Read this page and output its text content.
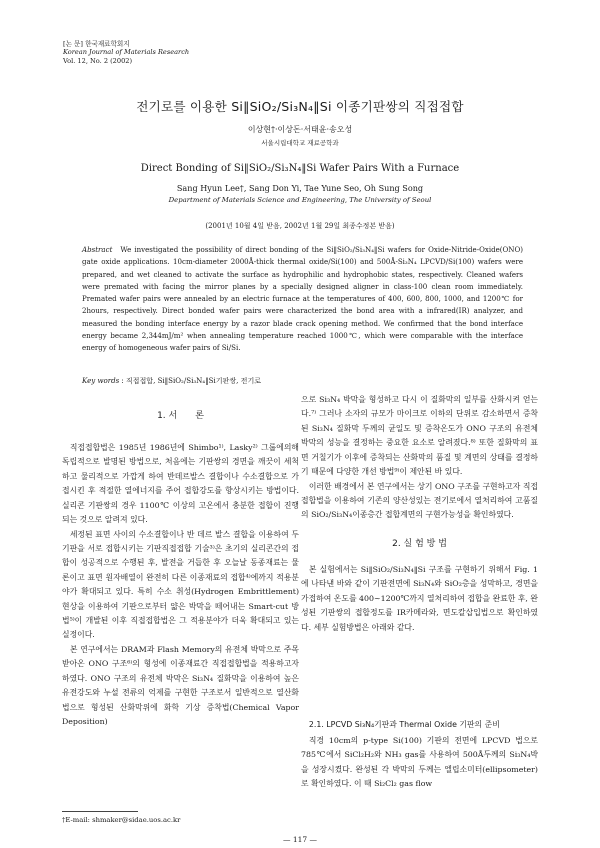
[논 문] 한국재료학회지
Korean Journal of Materials Research
Vol. 12, No. 2 (2002)
전기로를 이용한 Si‖SiO₂/Si₃N₄‖Si 이종기판쌍의 직접접합
이상현†·이상돈·서태윤·송오성
서울시립대학교 재료공학과
Direct Bonding of Si‖SiO₂/Si₃N₄‖Si Wafer Pairs With a Furnace
Sang Hyun Lee†, Sang Don Yi, Tae Yune Seo, Oh Sung Song
Department of Materials Science and Engineering, The University of Seoul
(2001년 10월 4일 받음, 2002년 1월 29일 최종수정본 받음)

Abstract We investigated the possibility of direct bonding of the Si‖SiO₂/Si₃N₄‖Si wafers for Oxide-Nitride-Oxide(ONO) gate oxide applications. 10cm-diameter 2000Å-thick thermal oxide/Si(100) and 500Å-Si₃N₄ LPCVD/Si(100) wafers were prepared, and wet cleaned to activate the surface as hydrophilic and hydrophobic states, respectively. Cleaned wafers were premated with facing the mirror planes by a specially designed aligner in class-100 clean room immediately. Premated wafer pairs were annealed by an electric furnace at the temperatures of 400, 600, 800, 1000, and 1200℃ for 2hours, respectively. Direct bonded wafer pairs were characterized the bond area with a infrared(IR) analyzer, and measured the bonding interface energy by a razor blade crack opening method. We confirmed that the bond interface energy became 2,344mJ/m² when annealing temperature reached 1000℃, which were comparable with the interface energy of homogeneous wafer pairs of Si/Si.

Key words : 직접접합, Si‖SiO₂/Si₃N₄‖Si기판쌍, 전기로
1. 서　　론

직접접합법은 1985년 1986년에 Shimbo¹⁾, Lasky²⁾ 그룹에의해 독립적으로 발명된 방법으로, 처음에는 기판쌍의 경면을 깨끗이 세척하고 물리적으로 가깝게 하여 반데르발스 결합이나 수소결합으로 가접시킨 후 적절한 열에너지를 주어 접합강도를 향상시키는 방법이다. 실리콘 기판쌍의 경우 1100℃ 이상의 고온에서 충분한 접합이 진행되는 것으로 알려져 있다.

세정된 표면 사이의 수소결합이나 반 데르 발스 결합을 이용하여 두 기판을 서로 접합시키는 기판직접접합 기술³⁾은 초기의 실리콘간의 접합이 성공적으로 수행된 후, 발전을 거듭한 후 오늘날 동종재료는 물론이고 표면 원자배열이 완전히 다른 이종재료의 접합⁴⁾에까지 적용분야가 확대되고 있다. 특히 수소 취성(Hydrogen Embrittlement) 현상을 이용하여 기판으로부터 얇은 박막을 떼어내는 Smart-cut 방법⁵⁾이 개발된 이후 직접접합법은 그 적용분야가 더욱 확대되고 있는 실정이다.

본 연구에서는 DRAM과 Flash Memory의 유전체 박막으로 주목 받아온 ONO 구조⁶⁾의 형성에 이종재료간 직접접합법을 적용하고자 하였다. ONO 구조의 유전체 박막은 Si₃N₄ 질화막을 이용하여 높은 유전강도와 누설 전류의 억제를 구현한 구조로서 일반적으로 열산화법으로 형성된 산화막위에 화학 기상 증착법(Chemical Vapor Deposition)

으로 Si₃N₄ 박막을 형성하고 다시 이 질화막의 일부를 산화시켜 얻는다.⁷⁾ 그러나 소자의 규모가 마이크로 이하의 단위로 감소하면서 증착된 Si₃N₄ 질화막 두께의 균일도 및 증착온도가 ONO 구조의 유전체 박막의 성능을 결정하는 중요한 요소로 알려졌다.⁸⁾ 또한 질화막의 표면 거칠기가 이후에 증착되는 산화막의 품질 및 계면의 상태를 결정하기 때문에 다양한 개선 방법⁹⁾이 제안된 바 있다.

이러한 배경에서 본 연구에서는 상기 ONO 구조를 구현하고자 직접접합법을 이용하여 기존의 양산성있는 전기로에서 열처리하여 고품질의 SiO₂/Si₃N₄이종층간 접합계면의 구현가능성을 확인하였다.

2. 실 험 방 법

본 실험에서는 Si‖SiO₂/Si₃N₄‖Si 구조를 구현하기 위해서 Fig. 1에 나타낸 바와 같이 기판전면에 Si₃N₄와 SiO₂층을 성막하고, 경면을 가접하여 온도를 400~1200℃까지 열처리하여 접합을 완료한 후, 완성된 기판쌍의 접합정도를 IR카메라와, 면도칼삽입법으로 확인하였다. 세부 실험방법은 아래와 같다.

2.1. LPCVD Si₃N₄기판과 Thermal Oxide 기판의 준비

직경 10cm의 p-type Si(100) 기판의 전면에 LPCVD 법으로 785℃에서 SiCl₂H₂와 NH₃ gas를 사용하여 500Å두께의 Si₃N₄박을 성장시켰다. 완성된 각 박막의 두께는 엘립소미터(ellipsometer)로 확인하였다. 이 때 Si₂Cl₂ gas flow

†E-mail: shmaker@sidae.uos.ac.kr
— 117 —
